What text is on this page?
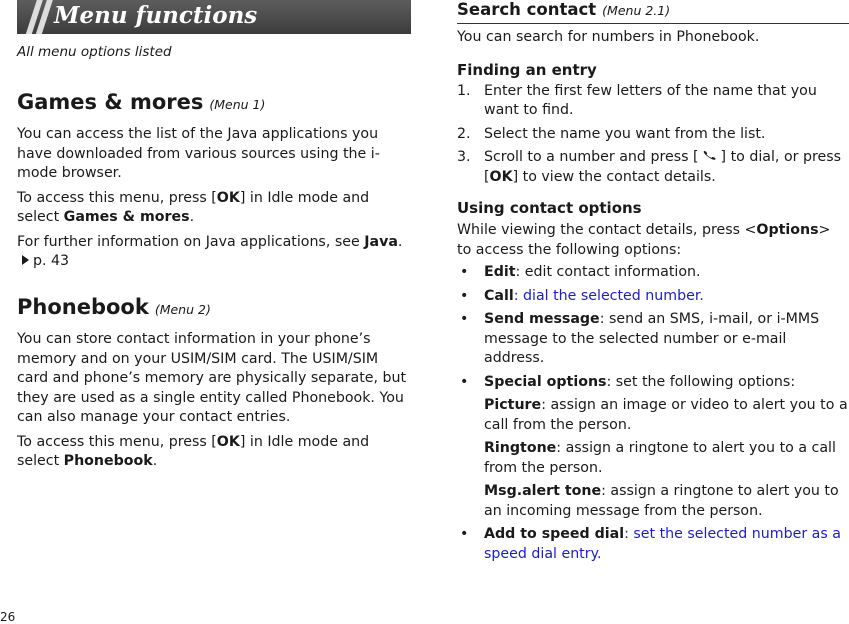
Menu functions
All menu options listed
Games & mores (Menu 1)

You can access the list of the Java applications you have downloaded from various sources using the i-mode browser.

To access this menu, press [OK] in Idle mode and select Games & mores.

For further information on Java applications, see Java.p. 43

Phonebook (Menu 2)

You can store contact information in your phone’s memory and on your USIM/SIM card. The USIM/SIM card and phone’s memory are physically separate, but they are used as a single entity called Phonebook. You can also manage your contact entries.

To access this menu, press [OK] in Idle mode and select Phonebook.

Search contact (Menu 2.1)

You can search for numbers in Phonebook.

Finding an entry
1. Enter the first few letters of the name that you want to find.
2. Select the name you want from the list.
3. Scroll to a number and press [  ] to dial, or press [OK] to view the contact details.
Using contact options

While viewing the contact details, press <Options> to access the following options:

• Edit: edit contact information.
• Call: dial the selected number.
• Send message: send an SMS, i-mail, or i-MMS message to the selected number or e-mail address.
• Special options: set the following options:

Picture: assign an image or video to alert you to a call from the person.

Ringtone: assign a ringtone to alert you to a call from the person.

Msg.alert tone: assign a ringtone to alert you to an incoming message from the person.

• Add to speed dial: set the selected number as a speed dial entry.
26
